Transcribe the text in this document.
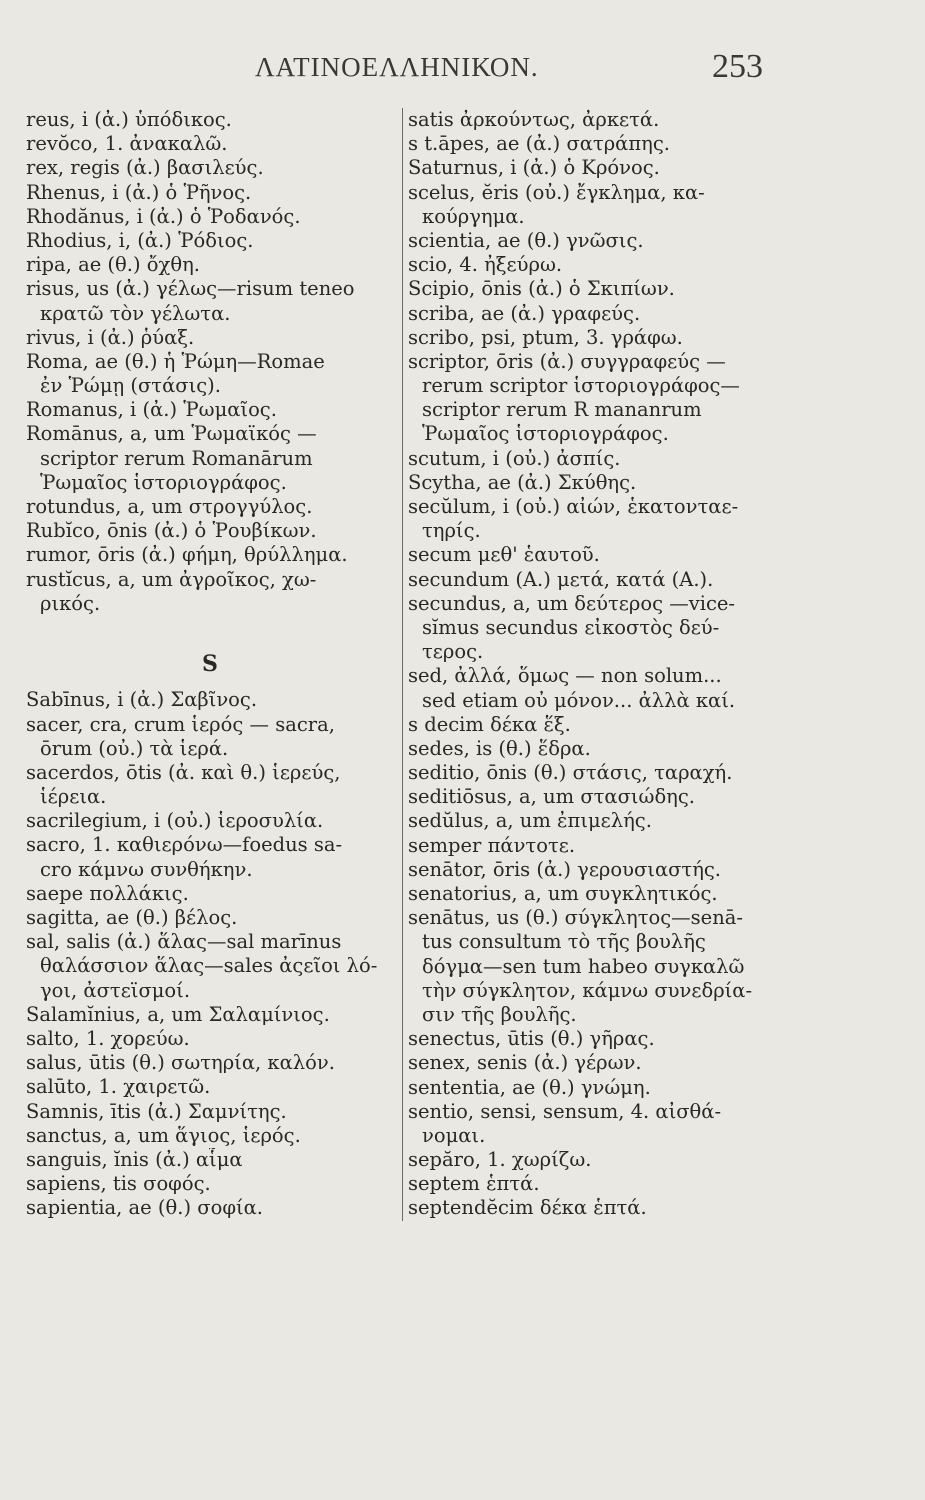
ΛΑΤΙΝΟΕΛΛΗΝΙΚΟΝ.	253
reus, i (ἀ.) ὑπόδικος.
revŏco, 1. ἀνακαλῶ.
rex, regis (ἀ.) βασιλεύς.
Rhenus, i (ἀ.) ὁ Ῥῆνος.
Rhodănus, i (ἀ.) ὁ Ῥοδανός.
Rhodius, i, (ἀ.) Ῥόδιος.
ripa, ae (θ.) ὄχθη.
risus, us (ἀ.) γέλως—risum teneo
κρατῶ τὸν γέλωτα.
rivus, i (ἀ.) ῥύαξ.
Roma, ae (θ.) ἡ Ῥώμη—Romae
ἐν Ῥώμῃ (στάσις).
Romanus, i (ἀ.) Ῥωμαῖος.
Romānus, a, um Ῥωμαϊκός —
scriptor rerum Romanārum
Ῥωμαῖος ἱστοριογράφος.
rotundus, a, um στρογγύλος.
Rubĭco, ōnis (ἀ.) ὁ Ῥουβίκων.
rumor, ōris (ἀ.) φήμη, θρύλλημα.
rustĭcus, a, um ἀγροῖκος, χω-
ρικός.
S
Sabīnus, i (ἀ.) Σαβῖνος.
sacer, cra, crum ἱερός — sacra,
ōrum (οὐ.) τὰ ἱερά.
sacerdos, ōtis (ἀ. καὶ θ.) ἱερεύς,
ἱέρεια.
sacrilegium, i (οὐ.) ἱεροσυλία.
sacro, 1. καθιερόνω—foedus sa-
cro κάμνω συνθήκην.
saepe πολλάκις.
sagitta, ae (θ.) βέλος.
sal, salis (ἀ.) ἅλας—sal marīnus
θαλάσσιον ἅλας—sales ἀςεῖοι λό-
γοι, ἀστεϊσμοί.
Salamĭnius, a, um Σαλαμίνιος.
salto, 1. χορεύω.
salus, ūtis (θ.) σωτηρία, καλόν.
salūto, 1. χαιρετῶ.
Samnis, ītis (ἀ.) Σαμνίτης.
sanctus, a, um ἅγιος, ἱερός.
sanguis, ĭnis (ἀ.) αἷμα
sapiens, tis σοφός.
sapientia, ae (θ.) σοφία.
satis ἀρκούντως, ἀρκετά.
s t.āpes, ae (ἀ.) σατράπης.
Saturnus, i (ἀ.) ὁ Κρόνος.
scelus, ĕris (οὐ.) ἔγκλημα, κα-
κούργημα.
scientia, ae (θ.) γνῶσις.
scio, 4. ἠξεύρω.
Scipio, ōnis (ἀ.) ὁ Σκιπίων.
scriba, ae (ἀ.) γραφεύς.
scribo, psi, ptum, 3. γράφω.
scriptor, ōris (ἀ.) συγγραφεύς —
rerum scriptor ἱστοριογράφος—
scriptor rerum R mananrum
Ῥωμαῖος ἱστοριογράφος.
scutum, i (οὐ.) ἀσπίς.
Scytha, ae (ἀ.) Σκύθης.
secŭlum, i (οὐ.) αἰών, ἑκατονταε-
τηρίς.
secum μεθ' ἑαυτοῦ.
secundum (Α.) μετά, κατά (Α.).
secundus, a, um δεύτερος —vice-
sĭmus secundus εἰκοστὸς δεύ-
τερος.
sed, ἀλλά, ὅμως — non solum...
sed etiam οὐ μόνον... ἀλλὰ καί.
s decim δέκα ἕξ.
sedes, is (θ.) ἕδρα.
seditio, ōnis (θ.) στάσις, ταραχή.
seditiōsus, a, um στασιώδης.
sedŭlus, a, um ἐπιμελής.
semper πάντοτε.
senātor, ōris (ἀ.) γερουσιαστής.
senatorius, a, um συγκλητικός.
senātus, us (θ.) σύγκλητος—senā-
tus consultum τὸ τῆς βουλῆς
δόγμα—sen tum habeo συγκαλῶ
τὴν σύγκλητον, κάμνω συνεδρία-
σιν τῆς βουλῆς.
senectus, ūtis (θ.) γῆρας.
senex, senis (ἀ.) γέρων.
sententia, ae (θ.) γνώμη.
sentio, sensi, sensum, 4. αἰσθά-
νομαι.
sepăro, 1. χωρίζω.
septem ἑπτά.
septendĕcim δέκα ἑπτά.
